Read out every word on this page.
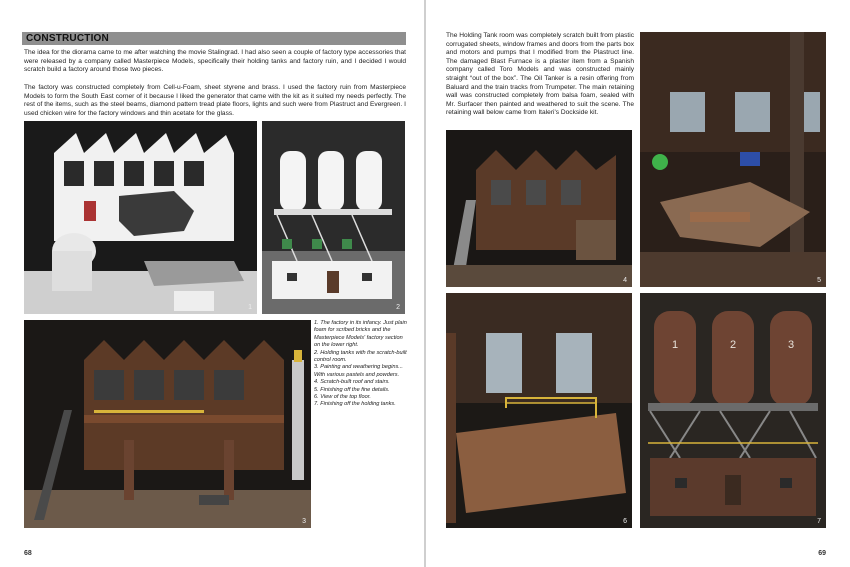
CONSTRUCTION

The idea for the diorama came to me after watching the movie Stalingrad. I had also seen a couple of factory type accessories that were released by a company called Masterpiece Models, specifically their holding tanks and factory ruin, and I decided I would scratch build a factory around those two pieces.

The factory was constructed completely from Cell-u-Foam, sheet styrene and brass. I used the factory ruin from Masterpiece Models to form the South East corner of it because I liked the generator that came with the kit as it suited my needs perfectly. The rest of the items, such as the steel beams, diamond pattern tread plate floors, lights and such were from Plastruct and Evergreen. I used chicken wire for the factory windows and thin acetate for the glass.

1	2
3
1. The factory in its infancy. Just plain foam for scribed bricks and the Masterpiece Models' factory section on the lower right.
2. Holding tanks with the scratch-built control room.
3. Painting and weathering begins... With various pastels and powders.
4. Scratch-built roof and stairs.
5. Finishing off the fine details.
6. View of the top floor.
7. Finishing off the holding tanks.
68

The Holding Tank room was completely scratch built from plastic corrugated sheets, window frames and doors from the parts box and motors and pumps that I modified from the Plastruct line. The damaged Blast Furnace is a plaster item from a Spanish company called Toro Models and was constructed mainly straight “out of the box”. The Oil Tanker is a resin offering from Baluard and the train tracks from Trumpeter. The main retaining wall was constructed completely from balsa foam, sealed with Mr. Surfacer then painted and weathered to suit the scene. The retaining wall below came from Italeri's Dockside kit.

4	5
6
1	2	3
7
69
